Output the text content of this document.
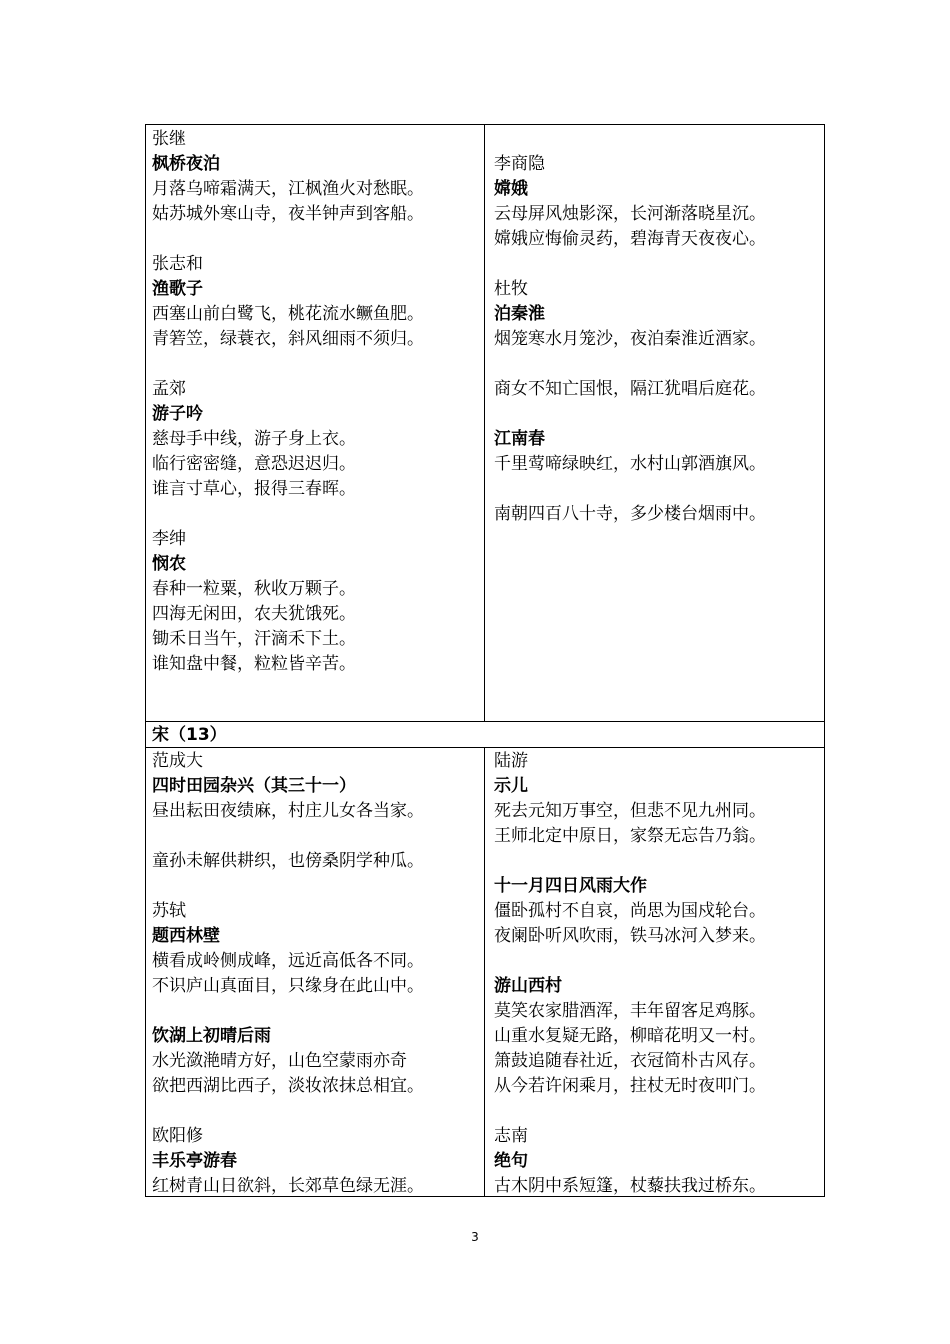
张继
枫桥夜泊
月落乌啼霜满天，江枫渔火对愁眠。
姑苏城外寒山寺，夜半钟声到客船。
张志和
渔歌子
西塞山前白鹭飞，桃花流水鳜鱼肥。
青箬笠，绿蓑衣，斜风细雨不须归。
孟郊
游子吟
慈母手中线，游子身上衣。
临行密密缝，意恐迟迟归。
谁言寸草心，报得三春晖。
李绅
悯农
春种一粒粟，秋收万颗子。
四海无闲田，农夫犹饿死。
锄禾日当午，汗滴禾下土。
谁知盘中餐，粒粒皆辛苦。
李商隐
嫦娥
云母屏风烛影深，长河渐落晓星沉。
嫦娥应悔偷灵药，碧海青天夜夜心。
杜牧
泊秦淮
烟笼寒水月笼沙，夜泊秦淮近酒家。
商女不知亡国恨，隔江犹唱后庭花。
江南春
千里莺啼绿映红，水村山郭酒旗风。
南朝四百八十寺，多少楼台烟雨中。
宋（13）
范成大
四时田园杂兴（其三十一）
昼出耘田夜绩麻，村庄儿女各当家。
童孙未解供耕织，也傍桑阴学种瓜。
苏轼
题西林壁
横看成岭侧成峰，远近高低各不同。
不识庐山真面目，只缘身在此山中。
饮湖上初晴后雨
水光潋滟晴方好，山色空蒙雨亦奇
欲把西湖比西子，淡妆浓抹总相宜。
欧阳修
丰乐亭游春
红树青山日欲斜，长郊草色绿无涯。
陆游
示儿
死去元知万事空，但悲不见九州同。
王师北定中原日，家祭无忘告乃翁。
十一月四日风雨大作
僵卧孤村不自哀，尚思为国戍轮台。
夜阑卧听风吹雨，铁马冰河入梦来。
游山西村
莫笑农家腊酒浑，丰年留客足鸡豚。
山重水复疑无路，柳暗花明又一村。
箫鼓追随春社近，衣冠简朴古风存。
从今若许闲乘月，拄杖无时夜叩门。
志南
绝句
古木阴中系短篷，杖藜扶我过桥东。
3
